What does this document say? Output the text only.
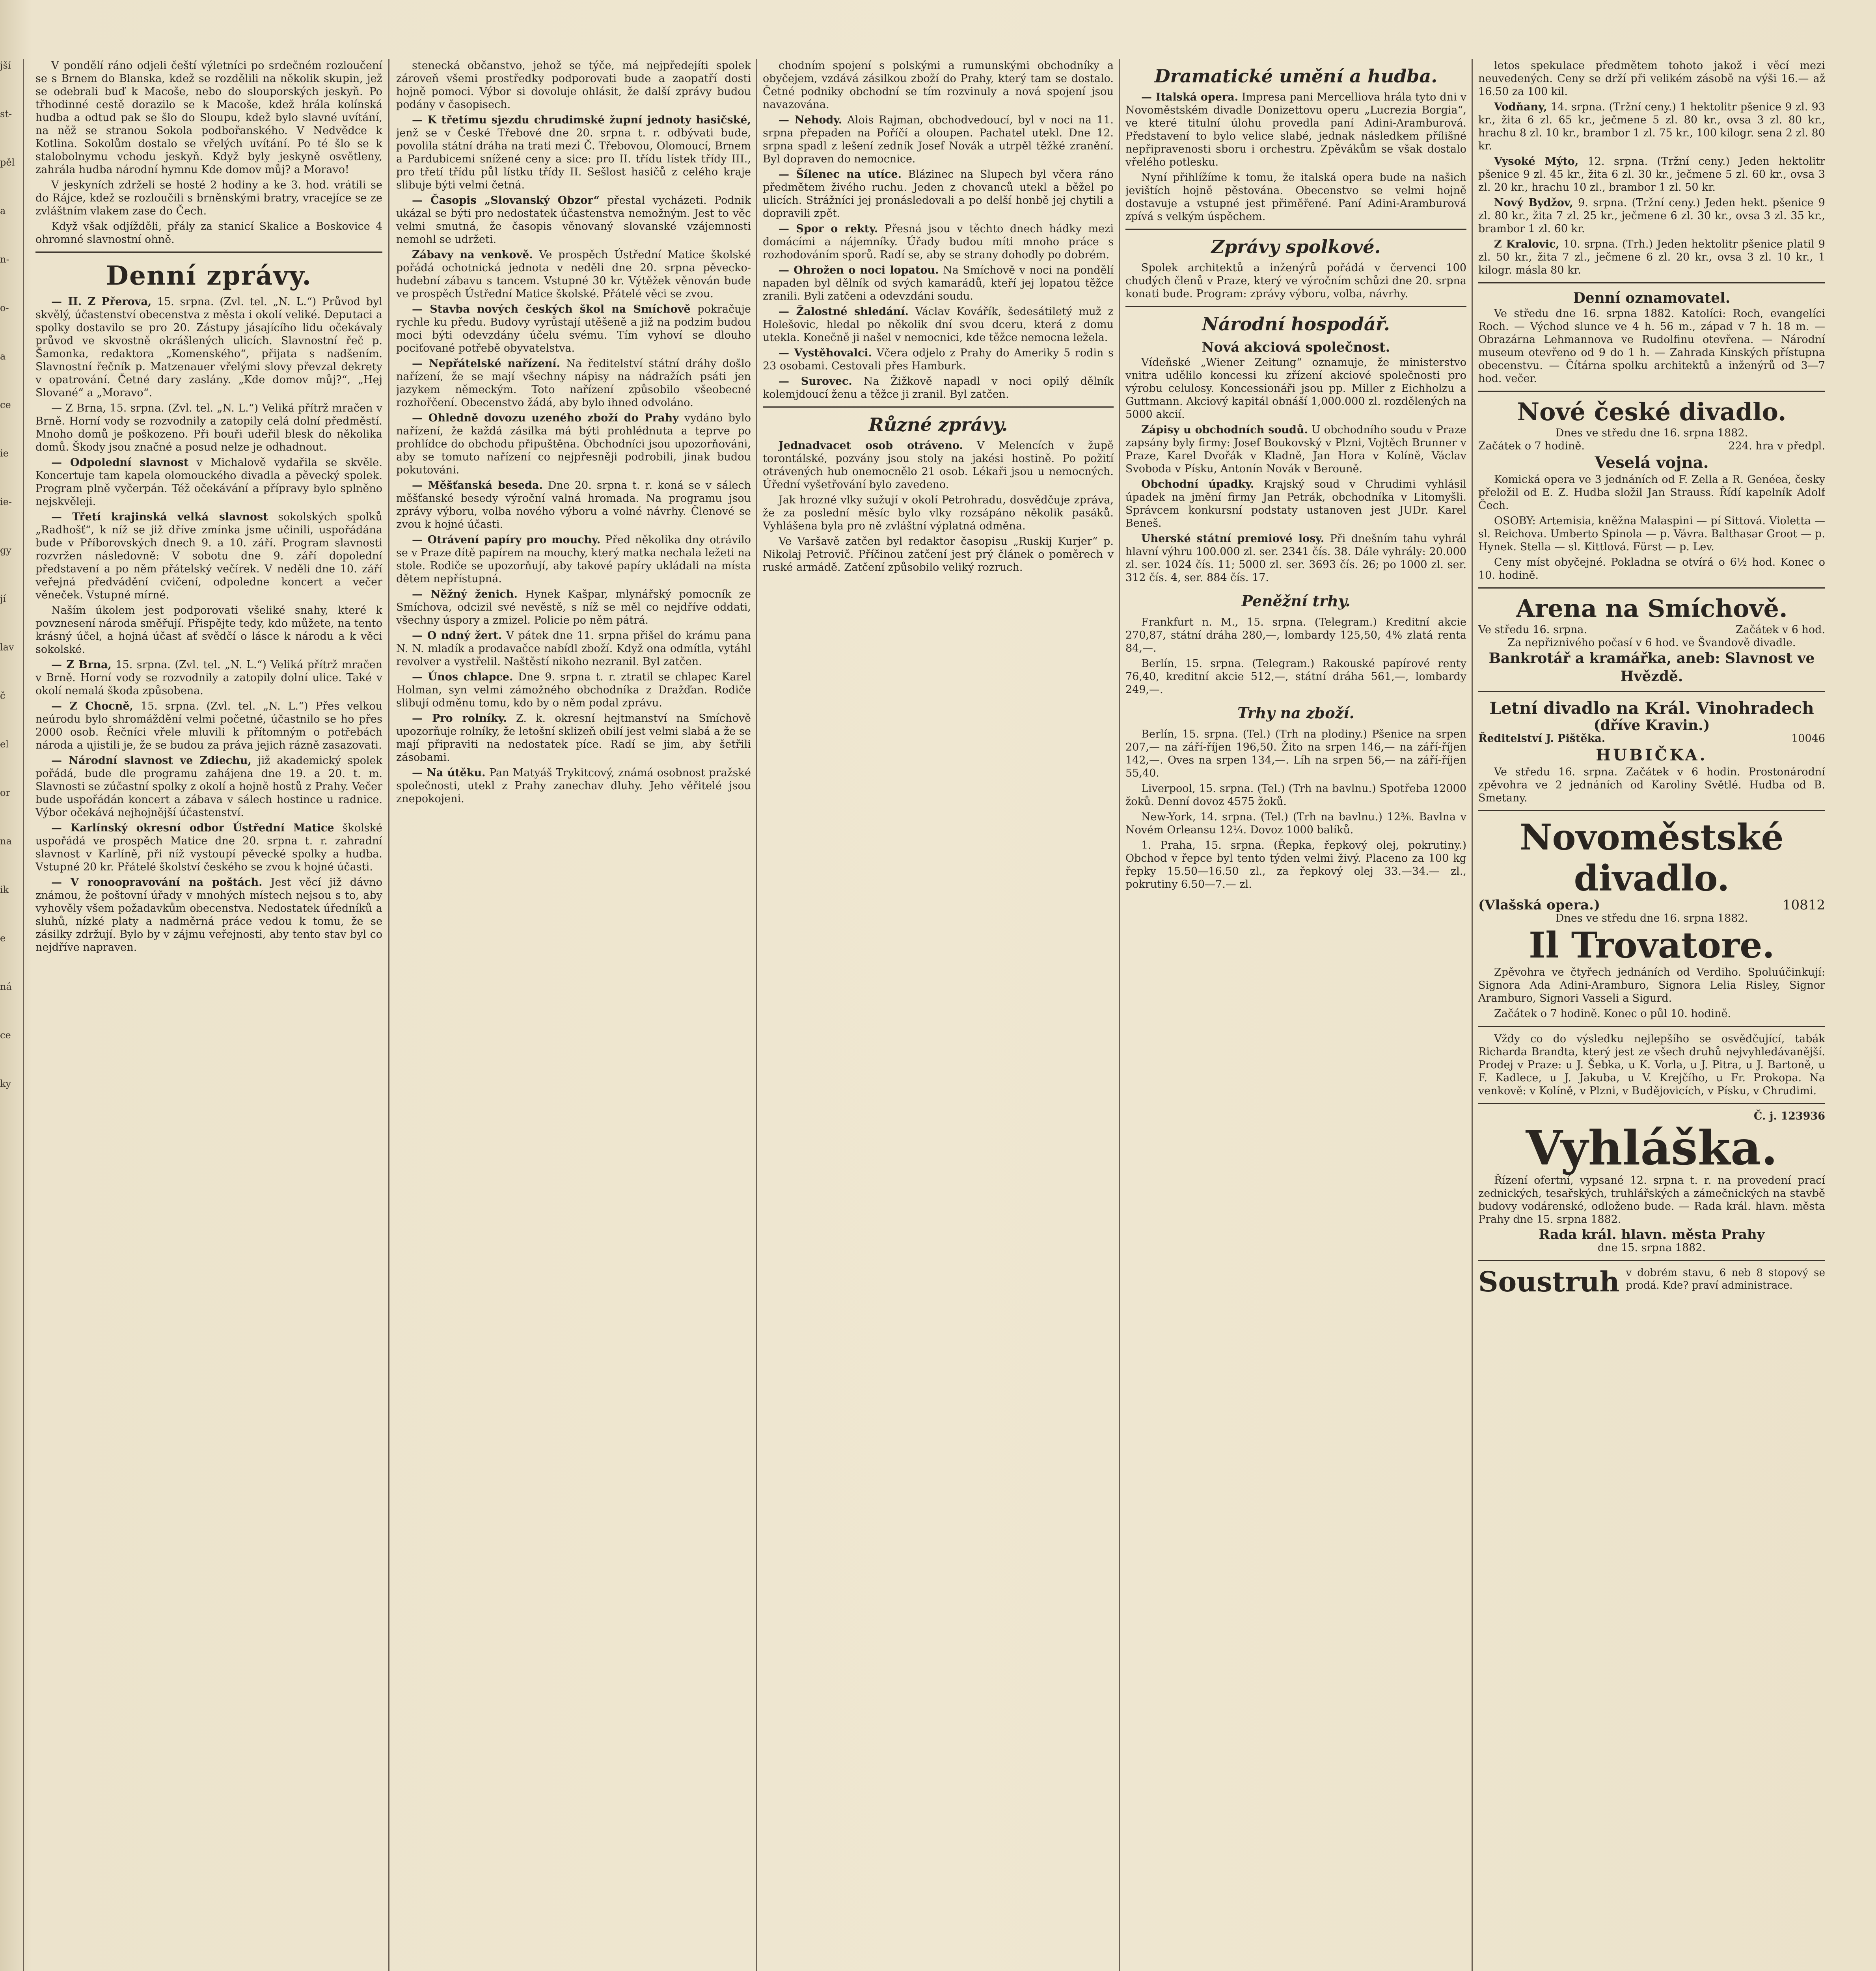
jší
st-
pěl
a
n-
o-
a
ce
ie
ie-
gy
jí
lav
č
el
or
na
ik
e
ná
ce
ky

V pondělí ráno odjeli čeští výletníci po srdečném rozloučení se s Brnem do Blanska, kdež se rozdělili na několik skupin, jež se odebrali buď k Macoše, nebo do slouporských jeskyň. Po třhodinné cestě dorazilo se k Macoše, kdež hrála kolínská hudba a odtud pak se šlo do Sloupu, kdež bylo slavné uvítání, na něž se stranou Sokola podbořanského. V Nedvědce k Kotlina. Sokolům dostalo se vřelých uvítání. Po té šlo se k stalobolnymu vchodu jeskyň. Když byly jeskyně osvětleny, zahrála hudba národní hymnu Kde domov můj? a Moravo!

V jeskyních zdrželi se hosté 2 hodiny a ke 3. hod. vrátili se do Rájce, kdež se rozloučili s brněnskými bratry, vracejíce se ze zvláštním vlakem zase do Čech.

Když však odjížděli, přály za stanicí Skalice a Boskovice 4 ohromné slavnostní ohně.

Denní zprávy.

— II. Z Přerova, 15. srpna. (Zvl. tel. „N. L.“) Průvod byl skvělý, účastenství obecenstva z města i okolí veliké. Deputaci a spolky dostavilo se pro 20. Zástupy jásajícího lidu očekávaly průvod ve skvostně okrášlených ulicích. Slavnostní řeč p. Šamonka, redaktora „Komenského“, přijata s nadšením. Slavnostní řečník p. Matzenauer vřelými slovy převzal dekrety v opatrování. Četné dary zaslány. „Kde domov můj?“, „Hej Slované“ a „Moravo“.

— Z Brna, 15. srpna. (Zvl. tel. „N. L.“) Veliká přítrž mračen v Brně. Horní vody se rozvodnily a zatopily celá dolní předměstí. Mnoho domů je poškozeno. Při bouři udeřil blesk do několika domů. Škody jsou značné a posud nelze je odhadnout.

— Odpolední slavnost v Michalově vydařila se skvěle. Koncertuje tam kapela olomouckého divadla a pěvecký spolek. Program plně vyčerpán. Též očekávání a přípravy bylo splněno nejskvěleji.

— Třetí krajinská velká slavnost sokolských spolků „Radhošť“, k níž se již dříve zmínka jsme učinili, uspořádána bude v Příborovských dnech 9. a 10. září. Program slavnosti rozvržen následovně: V sobotu dne 9. září dopolední představení a po něm přátelský večírek. V neděli dne 10. září veřejná předvádění cvičení, odpoledne koncert a večer věneček. Vstupné mírné.

Naším úkolem jest podporovati všeliké snahy, které k povznesení národa směřují. Přispějte tedy, kdo můžete, na tento krásný účel, a hojná účast ať svědčí o lásce k národu a k věci sokolské.

— Z Brna, 15. srpna. (Zvl. tel. „N. L.“) Veliká přítrž mračen v Brně. Horní vody se rozvodnily a zatopily dolní ulice. Také v okolí nemalá škoda způsobena.

— Z Chocně, 15. srpna. (Zvl. tel. „N. L.“) Přes velkou neúrodu bylo shromáždění velmi početné, účastnilo se ho přes 2000 osob. Řečníci vřele mluvili k přítomným o potřebách národa a ujistili je, že se budou za práva jejich rázně zasazovati.

— Národní slavnost ve Zdiechu, již akademický spolek pořádá, bude dle programu zahájena dne 19. a 20. t. m. Slavnosti se zúčastní spolky z okolí a hojně hostů z Prahy. Večer bude uspořádán koncert a zábava v sálech hostince u radnice. Výbor očekává nejhojnější účastenství.

— Karlínský okresní odbor Ústřední Matice školské uspořádá ve prospěch Matice dne 20. srpna t. r. zahradní slavnost v Karlíně, při níž vystoupí pěvecké spolky a hudba. Vstupné 20 kr. Přátelé školství českého se zvou k hojné účasti.

— V ronoopravování na poštách. Jest věcí již dávno známou, že poštovní úřady v mnohých místech nejsou s to, aby vyhověly všem požadavkům obecenstva. Nedostatek úředníků a sluhů, nízké platy a nadměrná práce vedou k tomu, že se zásilky zdržují. Bylo by v zájmu veřejnosti, aby tento stav byl co nejdříve napraven.

stenecká občanstvo, jehož se týče, má nejpředejíti spolek zároveň všemi prostředky podporovati bude a zaopatří dosti hojně pomoci. Výbor si dovoluje ohlásit, že další zprávy budou podány v časopisech.

— K třetímu sjezdu chrudimské župní jednoty hasičské, jenž se v České Třebové dne 20. srpna t. r. odbývati bude, povolila státní dráha na trati mezi Č. Třebovou, Olomoucí, Brnem a Pardubicemi snížené ceny a sice: pro II. třídu lístek třídy III., pro třetí třídu půl lístku třídy II. Sešlost hasičů z celého kraje slibuje býti velmi četná.

— Časopis „Slovanský Obzor“ přestal vycházeti. Podnik ukázal se býti pro nedostatek účastenstva nemožným. Jest to věc velmi smutná, že časopis věnovaný slovanské vzájemnosti nemohl se udržeti.

Zábavy na venkově. Ve prospěch Ústřední Matice školské pořádá ochotnická jednota v neděli dne 20. srpna pěvecko-hudební zábavu s tancem. Vstupné 30 kr. Výtěžek věnován bude ve prospěch Ústřední Matice školské. Přátelé věci se zvou.

— Stavba nových českých škol na Smíchově pokračuje rychle ku předu. Budovy vyrůstají utěšeně a již na podzim budou moci býti odevzdány účelu svému. Tím vyhoví se dlouho pociťované potřebě obyvatelstva.

— Nepřátelské nařízení. Na ředitelství státní dráhy došlo nařízení, že se mají všechny nápisy na nádražích psáti jen jazykem německým. Toto nařízení způsobilo všeobecné rozhořčení. Obecenstvo žádá, aby bylo ihned odvoláno.

— Ohledně dovozu uzeného zboží do Prahy vydáno bylo nařízení, že každá zásilka má býti prohlédnuta a teprve po prohlídce do obchodu připuštěna. Obchodníci jsou upozorňováni, aby se tomuto nařízení co nejpřesněji podrobili, jinak budou pokutováni.

— Měšťanská beseda. Dne 20. srpna t. r. koná se v sálech měšťanské besedy výroční valná hromada. Na programu jsou zprávy výboru, volba nového výboru a volné návrhy. Členové se zvou k hojné účasti.

— Otrávení papíry pro mouchy. Před několika dny otrávilo se v Praze dítě papírem na mouchy, který matka nechala ležeti na stole. Rodiče se upozorňují, aby takové papíry ukládali na místa dětem nepřístupná.

— Něžný ženich. Hynek Kašpar, mlynářský pomocník ze Smíchova, odcizil své nevěstě, s níž se měl co nejdříve oddati, všechny úspory a zmizel. Policie po něm pátrá.

— O ndný žert. V pátek dne 11. srpna přišel do krámu pana N. N. mladík a prodavačce nabídl zboží. Když ona odmítla, vytáhl revolver a vystřelil. Naštěstí nikoho nezranil. Byl zatčen.

— Únos chlapce. Dne 9. srpna t. r. ztratil se chlapec Karel Holman, syn velmi zámožného obchodníka z Dražďan. Rodiče slibují odměnu tomu, kdo by o něm podal zprávu.

— Pro rolníky. Z. k. okresní hejtmanství na Smíchově upozorňuje rolníky, že letošní sklizeň obilí jest velmi slabá a že se mají připraviti na nedostatek píce. Radí se jim, aby šetřili zásobami.

— Na útěku. Pan Matyáš Trykitcový, známá osobnost pražské společnosti, utekl z Prahy zanechav dluhy. Jeho věřitelé jsou znepokojeni.

chodním spojení s polskými a rumunskými obchodníky a obyčejem, vzdává zásilkou zboží do Prahy, který tam se dostalo. Četné podniky obchodní se tím rozvinuly a nová spojení jsou navazována.

— Nehody. Alois Rajman, obchodvedoucí, byl v noci na 11. srpna přepaden na Poříčí a oloupen. Pachatel utekl. Dne 12. srpna spadl z lešení zedník Josef Novák a utrpěl těžké zranění. Byl dopraven do nemocnice.

— Šílenec na utíce. Blázinec na Slupech byl včera ráno předmětem živého ruchu. Jeden z chovanců utekl a běžel po ulicích. Strážníci jej pronásledovali a po delší honbě jej chytili a dopravili zpět.

— Spor o rekty. Přesná jsou v těchto dnech hádky mezi domácími a nájemníky. Úřady budou míti mnoho práce s rozhodováním sporů. Radí se, aby se strany dohodly po dobrém.

— Ohrožen o noci lopatou. Na Smíchově v noci na pondělí napaden byl dělník od svých kamarádů, kteří jej lopatou těžce zranili. Byli zatčeni a odevzdáni soudu.

— Žalostné shledání. Václav Kovářík, šedesátiletý muž z Holešovic, hledal po několik dní svou dceru, která z domu utekla. Konečně ji našel v nemocnici, kde těžce nemocna ležela.

— Vystěhovalci. Včera odjelo z Prahy do Ameriky 5 rodin s 23 osobami. Cestovali přes Hamburk.

— Surovec. Na Žižkově napadl v noci opilý dělník kolemjdoucí ženu a těžce ji zranil. Byl zatčen.

Různé zprávy.

Jednadvacet osob otráveno. V Melencích v župě torontálské, pozvány jsou stoly na jakési hostině. Po požití otrávených hub onemocnělo 21 osob. Lékaři jsou u nemocných. Úřední vyšetřování bylo zavedeno.

Jak hrozné vlky sužují v okolí Petrohradu, dosvědčuje zpráva, že za poslední měsíc bylo vlky rozsápáno několik pasáků. Vyhlášena byla pro ně zvláštní výplatná odměna.

Ve Varšavě zatčen byl redaktor časopisu „Ruskij Kurjer“ p. Nikolaj Petrovič. Příčinou zatčení jest prý článek o poměrech v ruské armádě. Zatčení způsobilo veliký rozruch.

Dramatické umění a hudba.

— Italská opera. Impresa pani Mercelliova hrála tyto dni v Novoměstském divadle Donizettovu operu „Lucrezia Borgia“, ve které titulní úlohu provedla paní Adini-Aramburová. Představení to bylo velice slabé, jednak následkem přílišné nepřipravenosti sboru i orchestru. Zpěvákům se však dostalo vřelého potlesku.

Nyní přihlížíme k tomu, že italská opera bude na našich jevištích hojně pěstována. Obecenstvo se velmi hojně dostavuje a vstupné jest přiměřené. Paní Adini-Aramburová zpívá s velkým úspěchem.

Zprávy spolkové.

Spolek architektů a inženýrů pořádá v červenci 100 chudých členů v Praze, který ve výročním schůzi dne 20. srpna konati bude. Program: zprávy výboru, volba, návrhy.

Národní hospodář.
Nová akciová společnost.

Vídeňské „Wiener Zeitung“ oznamuje, že ministerstvo vnitra udělilo koncessi ku zřízení akciové společnosti pro výrobu celulosy. Koncessionáři jsou pp. Miller z Eichholzu a Guttmann. Akciový kapitál obnáší 1,000.000 zl. rozdělených na 5000 akcií.

Zápisy u obchodních soudů. U obchodního soudu v Praze zapsány byly firmy: Josef Boukovský v Plzni, Vojtěch Brunner v Praze, Karel Dvořák v Kladně, Jan Hora v Kolíně, Václav Svoboda v Písku, Antonín Novák v Berouně.

Obchodní úpadky. Krajský soud v Chrudimi vyhlásil úpadek na jmění firmy Jan Petrák, obchodníka v Litomyšli. Správcem konkursní podstaty ustanoven jest JUDr. Karel Beneš.

Uherské státní premiové losy. Při dnešním tahu vyhrál hlavní výhru 100.000 zl. ser. 2341 čís. 38. Dále vyhrály: 20.000 zl. ser. 1024 čís. 11; 5000 zl. ser. 3693 čís. 26; po 1000 zl. ser. 312 čís. 4, ser. 884 čís. 17.

Peněžní trhy.

Frankfurt n. M., 15. srpna. (Telegram.) Kreditní akcie 270,87, státní dráha 280,—, lombardy 125,50, 4% zlatá renta 84,—.

Berlín, 15. srpna. (Telegram.) Rakouské papírové renty 76,40, kreditní akcie 512,—, státní dráha 561,—, lombardy 249,—.

Trhy na zboží.

Berlín, 15. srpna. (Tel.) (Trh na plodiny.) Pšenice na srpen 207,— na září-říjen 196,50. Žito na srpen 146,— na září-říjen 142,—. Oves na srpen 134,—. Líh na srpen 56,— na září-říjen 55,40.

Liverpool, 15. srpna. (Tel.) (Trh na bavlnu.) Spotřeba 12000 žoků. Denní dovoz 4575 žoků.

New-York, 14. srpna. (Tel.) (Trh na bavlnu.) 12⅜. Bavlna v Novém Orleansu 12¼. Dovoz 1000 balíků.

1. Praha, 15. srpna. (Řepka, řepkový olej, pokrutiny.) Obchod v řepce byl tento týden velmi živý. Placeno za 100 kg řepky 15.50—16.50 zl., za řepkový olej 33.—34.— zl., pokrutiny 6.50—7.— zl.

letos spekulace předmětem tohoto jakož i věcí mezi neuvedených. Ceny se drží při velikém zásobě na výši 16.— až 16.50 za 100 kil.

Vodňany, 14. srpna. (Tržní ceny.) 1 hektolitr pšenice 9 zl. 93 kr., žita 6 zl. 65 kr., ječmene 5 zl. 80 kr., ovsa 3 zl. 80 kr., hrachu 8 zl. 10 kr., brambor 1 zl. 75 kr., 100 kilogr. sena 2 zl. 80 kr.

Vysoké Mýto, 12. srpna. (Tržní ceny.) Jeden hektolitr pšenice 9 zl. 45 kr., žita 6 zl. 30 kr., ječmene 5 zl. 60 kr., ovsa 3 zl. 20 kr., hrachu 10 zl., brambor 1 zl. 50 kr.

Nový Bydžov, 9. srpna. (Tržní ceny.) Jeden hekt. pšenice 9 zl. 80 kr., žita 7 zl. 25 kr., ječmene 6 zl. 30 kr., ovsa 3 zl. 35 kr., brambor 1 zl. 60 kr.

Z Kralovic, 10. srpna. (Trh.) Jeden hektolitr pšenice platil 9 zl. 50 kr., žita 7 zl., ječmene 6 zl. 20 kr., ovsa 3 zl. 10 kr., 1 kilogr. másla 80 kr.

Denní oznamovatel.

Ve středu dne 16. srpna 1882. Katolíci: Roch, evangelíci Roch. — Východ slunce ve 4 h. 56 m., západ v 7 h. 18 m. — Obrazárna Lehmannova ve Rudolfinu otevřena. — Národní museum otevřeno od 9 do 1 h. — Zahrada Kinských přístupna obecenstvu. — Čítárna spolku architektů a inženýrů od 3—7 hod. večer.

Nové české divadlo.
Dnes ve středu dne 16. srpna 1882.
Začátek o 7 hodině.	224. hra v předpl.
Veselá vojna.

Komická opera ve 3 jednáních od F. Zella a R. Genéea, česky přeložil od E. Z. Hudba složil Jan Strauss. Řídí kapelník Adolf Čech.

OSOBY: Artemisia, kněžna Malaspini — pí Sittová. Violetta — sl. Reichova. Umberto Spinola — p. Vávra. Balthasar Groot — p. Hynek. Stella — sl. Kittlová. Fürst — p. Lev.

Ceny míst obyčejné. Pokladna se otvírá o 6½ hod. Konec o 10. hodině.

Arena na Smíchově.
Ve středu 16. srpna.	Začátek v 6 hod.
Za nepřiznivého počasí v 6 hod. ve Švandově divadle.
Bankrotář a kramářka, aneb: Slavnost ve Hvězdě.
Letní divadlo na Král. Vinohradech
(dříve Kravin.)
Ředitelství J. Pištěka.	10046
HUBIČKA.

Ve středu 16. srpna. Začátek v 6 hodin. Prostonárodní zpěvohra ve 2 jednáních od Karoliny Světlé. Hudba od B. Smetany.

Novoměstské divadlo.
(Vlašská opera.)	10812
Dnes ve středu dne 16. srpna 1882.
Il Trovatore.

Zpěvohra ve čtyřech jednáních od Verdiho. Spoluúčinkují: Signora Ada Adini-Aramburo, Signora Lelia Risley, Signor Aramburo, Signori Vasseli a Sigurd.

Začátek o 7 hodině. Konec o půl 10. hodině.

Vždy co do výsledku nejlepšího se osvědčující, tabák Richarda Brandta, který jest ze všech druhů nejvyhledávanější. Prodej v Praze: u J. Šebka, u K. Vorla, u J. Pitra, u J. Bartoně, u F. Kadlece, u J. Jakuba, u V. Krejčího, u Fr. Prokopa. Na venkově: v Kolíně, v Plzni, v Budějovicích, v Písku, v Chrudimi.

Č. j. 123936
Vyhláška.

Řízení ofertní, vypsané 12. srpna t. r. na provedení prací zednických, tesařských, truhlářských a zámečnických na stavbě budovy vodárenské, odloženo bude. — Rada král. hlavn. města Prahy dne 15. srpna 1882.

Rada král. hlavn. města Prahy
dne 15. srpna 1882.
Soustruh v dobrém stavu, 6 neb 8 stopový se prodá. Kde? praví administrace.
